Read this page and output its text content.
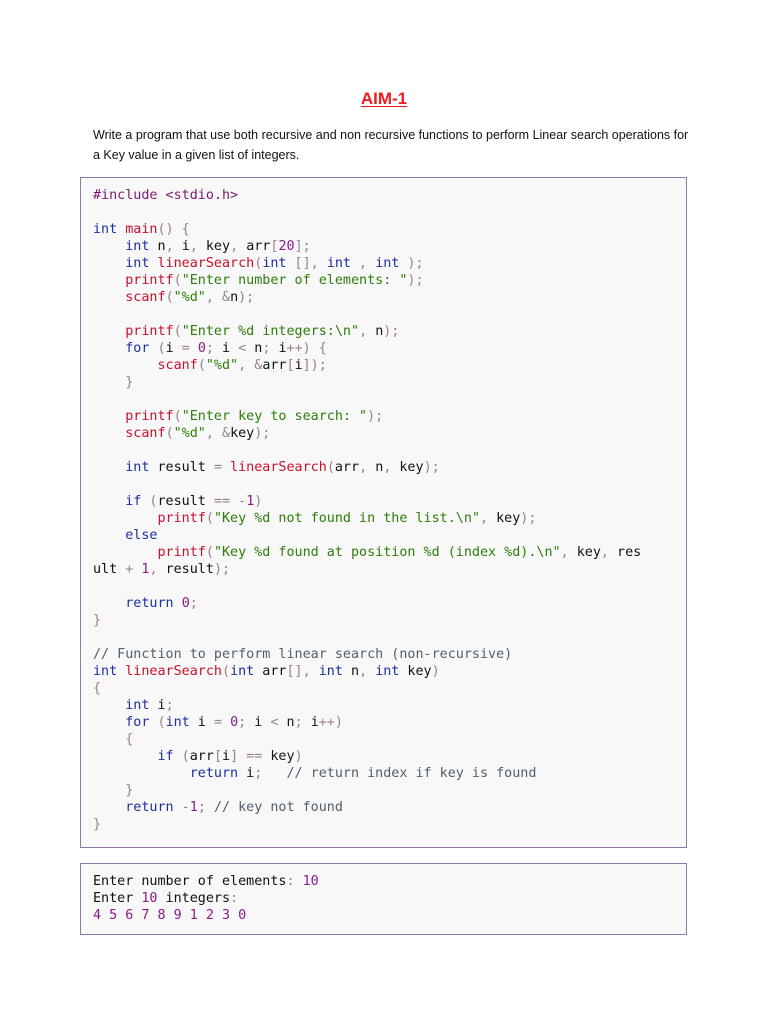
AIM-1
Write a program that use both recursive and non recursive functions to perform Linear search operations for a Key value in a given list of integers.
#include <stdio.h>

int main() {
int n, i, key, arr[20];
int linearSearch(int [], int , int );
printf("Enter number of elements: ");
scanf("%d", &n);

printf("Enter %d integers:\n", n);
for (i = 0; i < n; i++) {
scanf("%d", &arr[i]);
}

printf("Enter key to search: ");
scanf("%d", &key);

int result = linearSearch(arr, n, key);

if (result == -1)
printf("Key %d not found in the list.\n", key);
else
printf("Key %d found at position %d (index %d).\n", key, res
ult + 1, result);

return 0;
}

// Function to perform linear search (non-recursive)
int linearSearch(int arr[], int n, int key)
{
int i;
for (int i = 0; i < n; i++)
{
if (arr[i] == key)
return i;   // return index if key is found
}
return -1; // key not found
}
Enter number of elements: 10
Enter 10 integers:
4 5 6 7 8 9 1 2 3 0
